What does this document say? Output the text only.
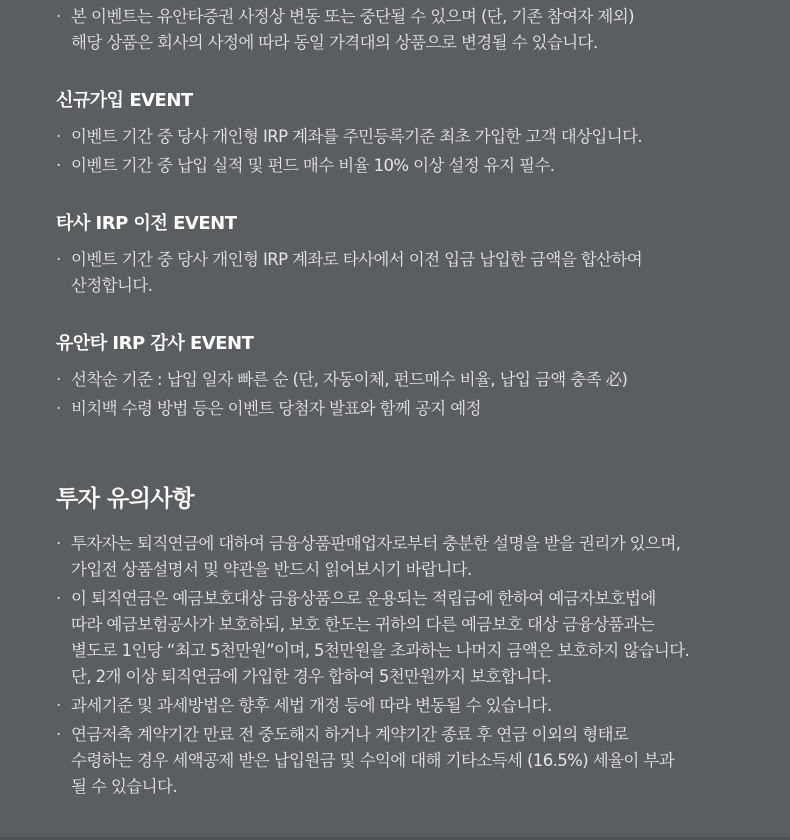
· 본 이벤트는 유안타증권 사정상 변동 또는 중단될 수 있으며 (단, 기존 참여자 제외)
해당 상품은 회사의 사정에 따라 동일 가격대의 상품으로 변경될 수 있습니다.
신규가입 EVENT
· 이벤트 기간 중 당사 개인형 IRP 계좌를 주민등록기준 최초 가입한 고객 대상입니다.
· 이벤트 기간 중 납입 실적 및 펀드 매수 비율 10% 이상 설정 유지 필수.
타사 IRP 이전 EVENT
· 이벤트 기간 중 당사 개인형 IRP 계좌로 타사에서 이전 입금 납입한 금액을 합산하여
산정합니다.
유안타 IRP 감사 EVENT
· 선착순 기준 : 납입 일자 빠른 순 (단, 자동이체, 펀드매수 비율, 납입 금액 충족 必)
· 비치백 수령 방법 등은 이벤트 당첨자 발표와 함께 공지 예정
투자 유의사항
· 투자자는 퇴직연금에 대하여 금융상품판매업자로부터 충분한 설명을 받을 권리가 있으며,
가입전 상품설명서 및 약관을 반드시 읽어보시기 바랍니다.
· 이 퇴직연금은 예금보호대상 금융상품으로 운용되는 적립금에 한하여 예금자보호법에
따라 예금보험공사가 보호하되, 보호 한도는 귀하의 다른 예금보호 대상 금융상품과는
별도로 1인당 “최고 5천만원”이며, 5천만원을 초과하는 나머지 금액은 보호하지 않습니다.
단, 2개 이상 퇴직연금에 가입한 경우 합하여 5천만원까지 보호합니다.
· 과세기준 및 과세방법은 향후 세법 개정 등에 따라 변동될 수 있습니다.
· 연금저축 계약기간 만료 전 중도해지 하거나 계약기간 종료 후 연금 이외의 형태로
수령하는 경우 세액공제 받은 납입원금 및 수익에 대해 기타소득세 (16.5%) 세율이 부과
될 수 있습니다.
